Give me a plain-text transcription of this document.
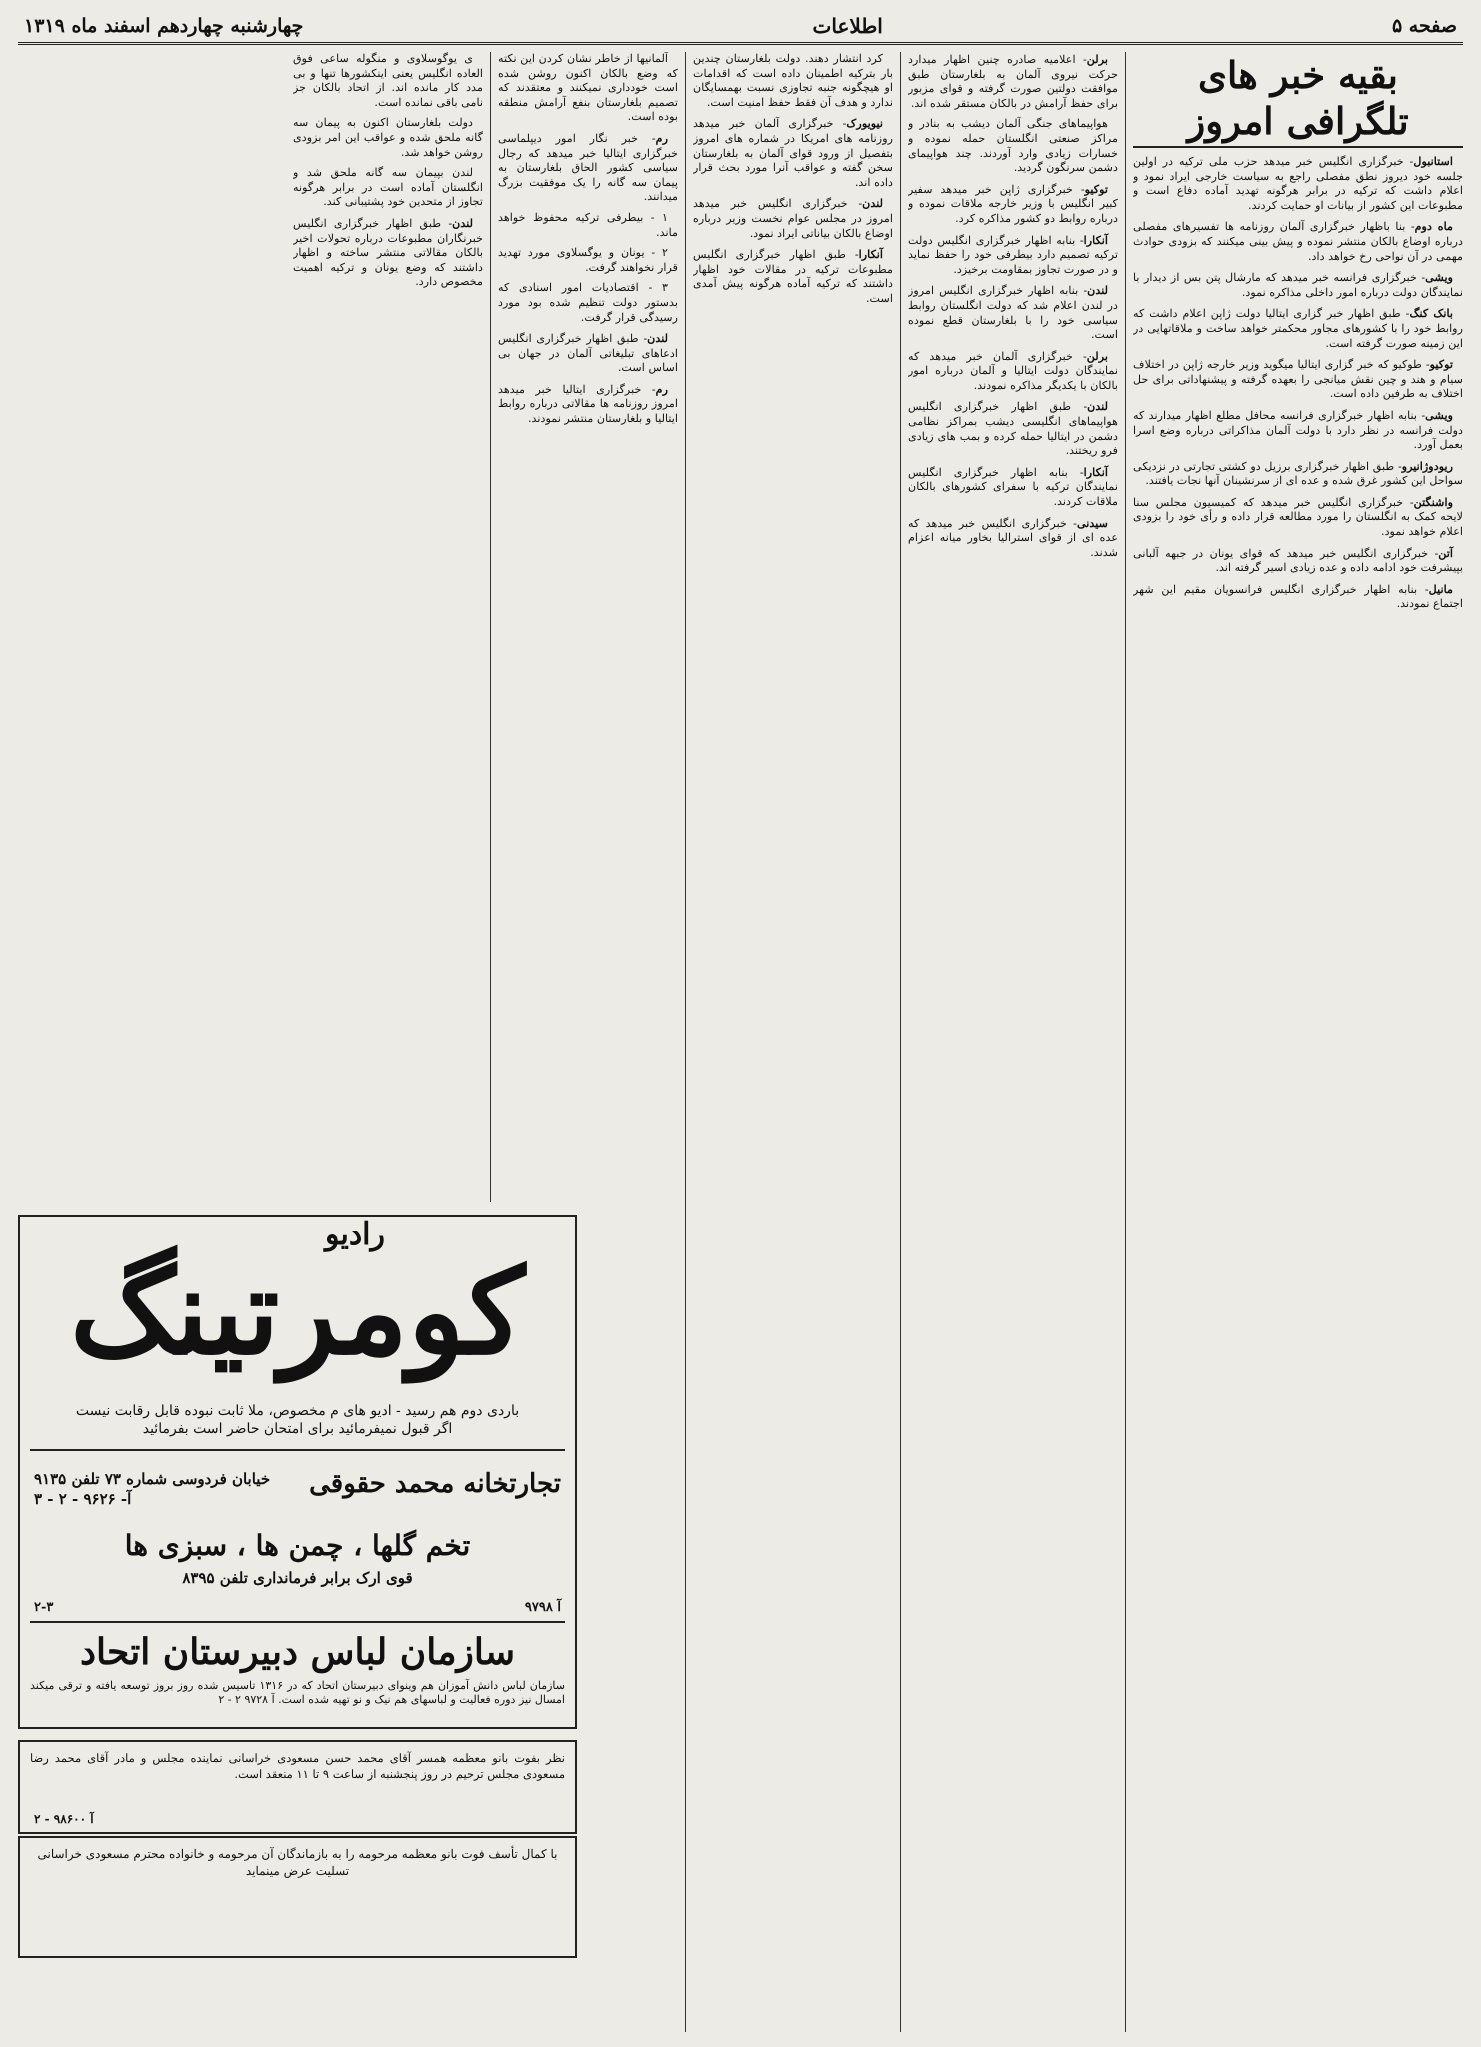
صفحه ۵
اطلاعات
چهارشنبه چهاردهم اسفند ماه ۱۳۱۹
بقیه خبر های تلگرافی امروز

استانبول- خبرگزاری انگلیس خبر میدهد حزب ملی ترکیه در اولین جلسه خود دیروز نطق مفصلی راجع به سیاست خارجی ایراد نمود و اعلام داشت که ترکیه در برابر هرگونه تهدید آماده دفاع است و مطبوعات این کشور از بیانات او حمایت کردند.

ماه دوم- بنا باظهار خبرگزاری آلمان روزنامه ها تفسیرهای مفصلی درباره اوضاع بالکان منتشر نموده و پیش بینی میکنند که بزودی حوادث مهمی در آن نواحی رخ خواهد داد.

ویشی- خبرگزاری فرانسه خبر میدهد که مارشال پتن بس از دیدار با نمایندگان دولت درباره امور داخلی مذاکره نمود.

بانک کنگ- طبق اظهار خبر گزاری ایتالیا دولت ژاپن اعلام داشت که روابط خود را با کشورهای مجاور محکمتر خواهد ساخت و ملاقاتهایی در این زمینه صورت گرفته است.

توکیو- طوکیو که خبر گزاری ایتالیا میگوید وزیر خارجه ژاپن در اختلاف سیام و هند و چین نقش میانجی را بعهده گرفته و پیشنهاداتی برای حل اختلاف به طرفین داده است.

ویشی- بنابه اظهار خبرگزاری فرانسه محافل مطلع اظهار میدارند که دولت فرانسه در نظر دارد با دولت آلمان مذاکراتی درباره وضع اسرا بعمل آورد.

ریودوژانیرو- طبق اظهار خبرگزاری برزیل دو کشتی تجارتی در نزدیکی سواحل این کشور غرق شده و عده ای از سرنشینان آنها نجات یافتند.

واشنگتن- خبرگزاری انگلیس خبر میدهد که کمیسیون مجلس سنا لایحه کمک به انگلستان را مورد مطالعه قرار داده و رأی خود را بزودی اعلام خواهد نمود.

آتن- خبرگزاری انگلیس خبر میدهد که قوای یونان در جبهه آلبانی بپیشرفت خود ادامه داده و عده زیادی اسیر گرفته اند.

مانیل- بنابه اظهار خبرگزاری انگلیس فرانسویان مقیم این شهر اجتماع نمودند.

برلن- اعلامیه صادره چنین اظهار میدارد حرکت نیروی آلمان به بلغارستان طبق موافقت دولتین صورت گرفته و قوای مزبور برای حفظ آرامش در بالکان مستقر شده اند.

هواپیماهای جنگی آلمان دیشب به بنادر و مراکز صنعتی انگلستان حمله نموده و خسارات زیادی وارد آوردند. چند هواپیمای دشمن سرنگون گردید.

توکیو- خبرگزاری ژاپن خبر میدهد سفیر کبیر انگلیس با وزیر خارجه ملاقات نموده و درباره روابط دو کشور مذاکره کرد.

آنکارا- بنابه اظهار خبرگزاری انگلیس دولت ترکیه تصمیم دارد بیطرفی خود را حفظ نماید و در صورت تجاوز بمقاومت برخیزد.

لندن- بنابه اظهار خبرگزاری انگلیس امروز در لندن اعلام شد که دولت انگلستان روابط سیاسی خود را با بلغارستان قطع نموده است.

برلن- خبرگزاری آلمان خبر میدهد که نمایندگان دولت ایتالیا و آلمان درباره امور بالکان با یکدیگر مذاکره نمودند.

لندن- طبق اظهار خبرگزاری انگلیس هواپیماهای انگلیسی دیشب بمراکز نظامی دشمن در ایتالیا حمله کرده و بمب های زیادی فرو ریختند.

آنکارا- بنابه اظهار خبرگزاری انگلیس نمایندگان ترکیه با سفرای کشورهای بالکان ملاقات کردند.

سیدنی- خبرگزاری انگلیس خبر میدهد که عده ای از قوای استرالیا بخاور میانه اعزام شدند.

کرد انتشار دهند. دولت بلغارستان چندین بار بترکیه اطمینان داده است که اقدامات او هیچگونه جنبه تجاوزی نسبت بهمسایگان ندارد و هدف آن فقط حفظ امنیت است.

نیویورک- خبرگزاری آلمان خبر میدهد روزنامه های امریکا در شماره های امروز بتفصیل از ورود قوای آلمان به بلغارستان سخن گفته و عواقب آنرا مورد بحث قرار داده اند.

لندن- خبرگزاری انگلیس خبر میدهد امروز در مجلس عوام نخست وزیر درباره اوضاع بالکان بیاناتی ایراد نمود.

آنکارا- طبق اظهار خبرگزاری انگلیس مطبوعات ترکیه در مقالات خود اظهار داشتند که ترکیه آماده هرگونه پیش آمدی است.

آلمانیها از خاطر نشان کردن این نکته که وضع بالکان اکنون روشن شده است خودداری نمیکنند و معتقدند که تصمیم بلغارستان بنفع آرامش منطقه بوده است.

رم- خبر نگار امور دیپلماسی خبرگزاری ایتالیا خبر میدهد که رجال سیاسی کشور الحاق بلغارستان به پیمان سه گانه را یک موفقیت بزرگ میدانند.

۱ - بیطرفی ترکیه محفوظ خواهد ماند.

۲ - یونان و یوگسلاوی مورد تهدید قرار نخواهند گرفت.

۳ - اقتصادیات امور اسنادی که بدستور دولت تنظیم شده بود مورد رسیدگی قرار گرفت.

لندن- طبق اظهار خبرگزاری انگلیس ادعاهای تبلیغاتی آلمان در جهان بی اساس است.

رم- خبرگزاری ایتالیا خبر میدهد امروز روزنامه ها مقالاتی درباره روابط ایتالیا و بلغارستان منتشر نمودند.

ی یوگوسلاوی و منگوله ساعی فوق العاده انگلیس یعنی اینکشورها تنها و بی مدد کار مانده اند. از اتحاد بالکان جز نامی باقی نمانده است.

دولت بلغارستان اکنون به پیمان سه گانه ملحق شده و عواقب این امر بزودی روشن خواهد شد.

لندن بپیمان سه گانه ملحق شد و انگلستان آماده است در برابر هرگونه تجاوز از متحدین خود پشتیبانی کند.

لندن- طبق اظهار خبرگزاری انگلیس خبرنگاران مطبوعات درباره تحولات اخیر بالکان مقالاتی منتشر ساخته و اظهار داشتند که وضع یونان و ترکیه اهمیت مخصوص دارد.

رادیو
کومرتینگ
باردی دوم هم رسید - ادیو های م مخصوص، ملا ثابت نبوده قابل رقابت نیست
اگر قبول نمیفرمائید برای امتحان حاضر است بفرمائید
تجارتخانه محمد حقوقی
خیابان فردوسی شماره ۷۳ تلفن ۹۱۳۵
آ- ۹۶۲۶ - ۲ - ۳
تخم گلها ، چمن ها ، سبزی ها
قوی ارک برابر فرمانداری تلفن ۸۳۹۵
۲-۳	آ ۹۷۹۸
سازمان لباس دبیرستان اتحاد
سازمان لباس دانش آموزان هم وینوای دبیرستان اتحاد که در ۱۳۱۶ تاسیس شده روز بروز توسعه یافته و ترقی میکند امسال نیز دوره فعالیت و لباسهای هم نیک و نو تهیه شده است. آ ۹۷۲۸ ۲ - ۲
نظر بفوت بانو معظمه همسر آقای محمد حسن مسعودی خراسانی نماینده مجلس و مادر آقای محمد رضا مسعودی مجلس ترحیم در روز پنجشنبه از ساعت ۹ تا ۱۱ منعقد است.
آ ۹۸۶۰۰ - ۲
با کمال تأسف فوت بانو معظمه مرحومه را به بازماندگان آن مرحومه و خانواده محترم مسعودی خراسانی تسلیت عرض مینماید
